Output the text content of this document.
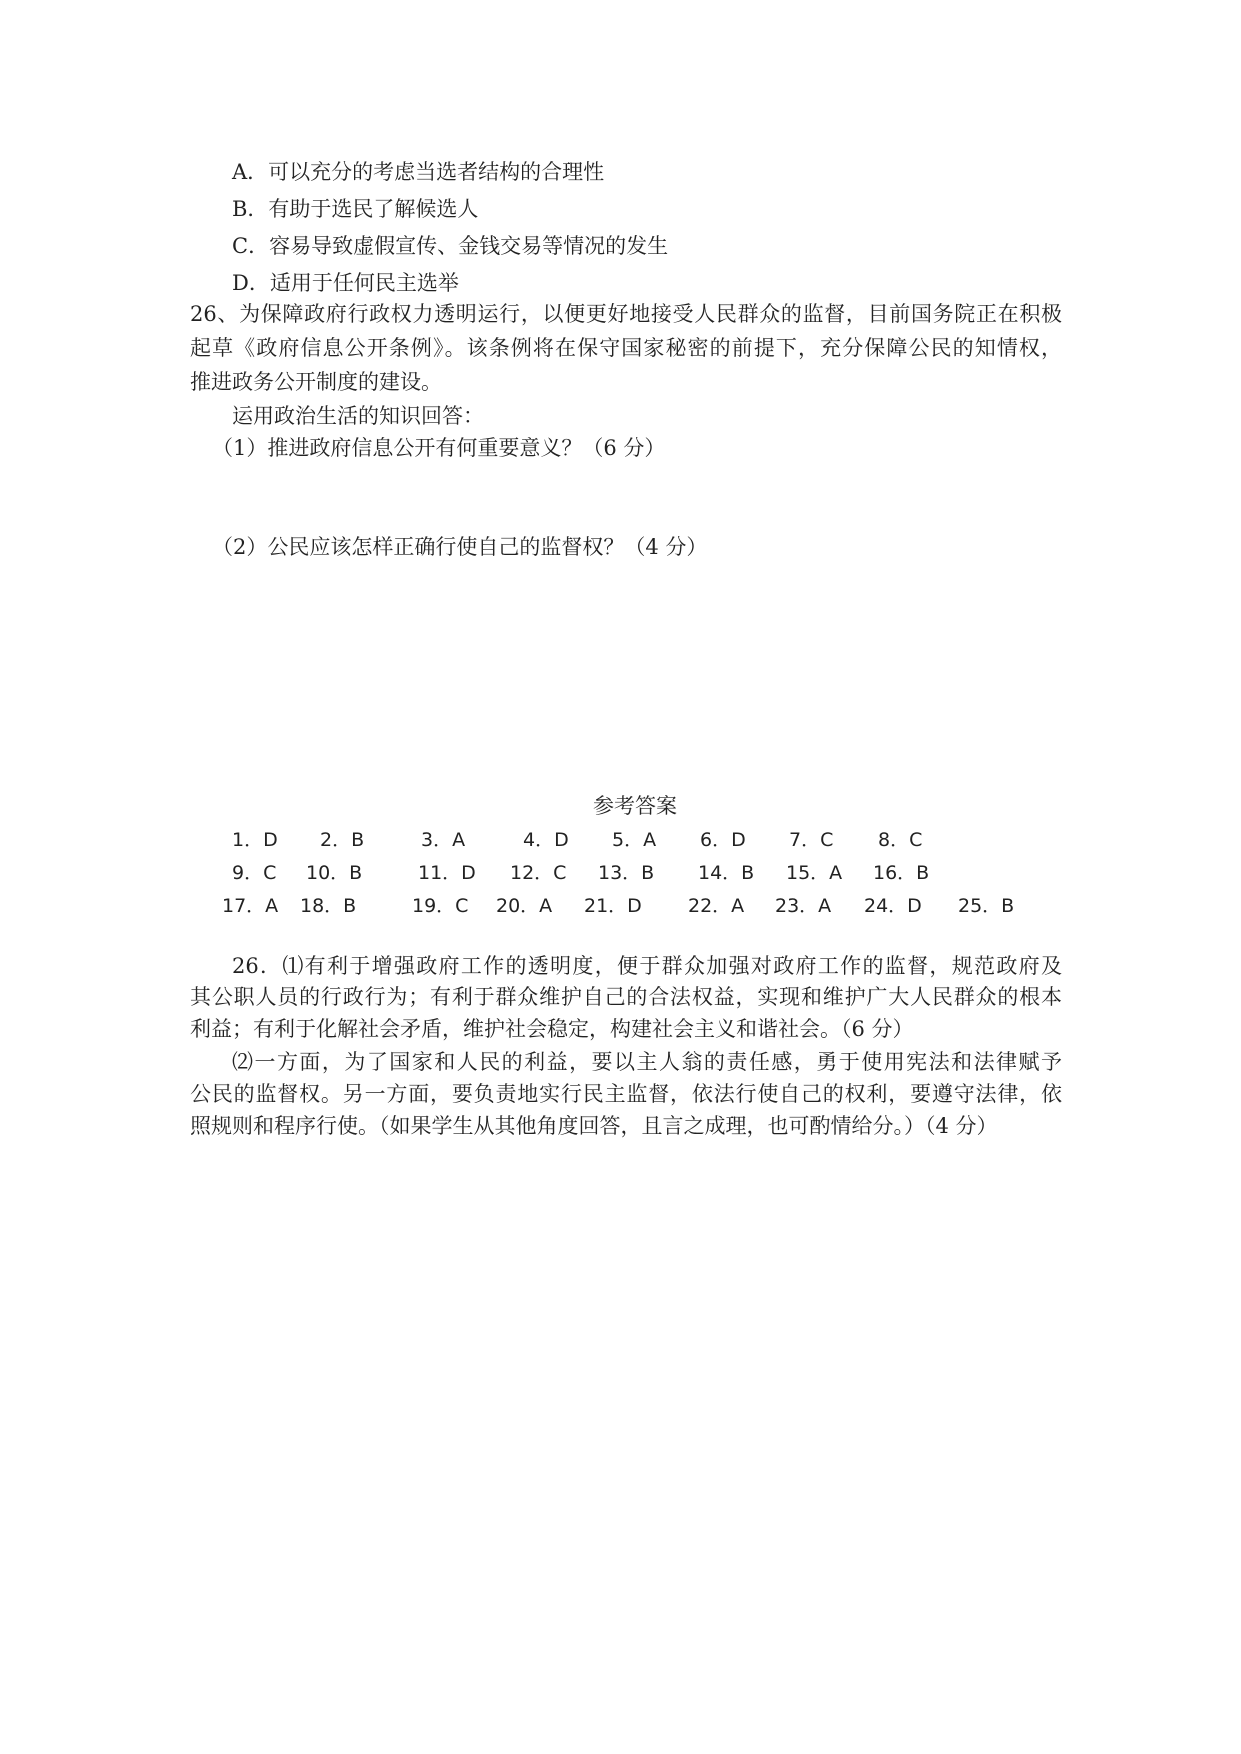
A．可以充分的考虑当选者结构的合理性
B．有助于选民了解候选人
C．容易导致虚假宣传、金钱交易等情况的发生
D．适用于任何民主选举
26、为保障政府行政权力透明运行，以便更好地接受人民群众的监督，目前国务院正在积极
起草《政府信息公开条例》。该条例将在保守国家秘密的前提下，充分保障公民的知情权，
推进政务公开制度的建设。
运用政治生活的知识回答：
（1）推进政府信息公开有何重要意义？（6 分）
（2）公民应该怎样正确行使自己的监督权？（4 分）
参考答案
1．D 2．B	3．A	4．D 5．A 6．D 7．C 8．C
9．C 10．B	11．D 12．C 13．B 14．B 15．A 16．B
17．A 18．B	19．C 20．A 21．D 22．A 23．A 24．D 25．B
26．⑴有利于增强政府工作的透明度，便于群众加强对政府工作的监督，规范政府及
其公职人员的行政行为；有利于群众维护自己的合法权益，实现和维护广大人民群众的根本
利益；有利于化解社会矛盾，维护社会稳定，构建社会主义和谐社会。（6 分）
⑵一方面，为了国家和人民的利益，要以主人翁的责任感，勇于使用宪法和法律赋予
公民的监督权。另一方面，要负责地实行民主监督，依法行使自己的权利，要遵守法律，依
照规则和程序行使。（如果学生从其他角度回答，且言之成理，也可酌情给分。）（4 分）
